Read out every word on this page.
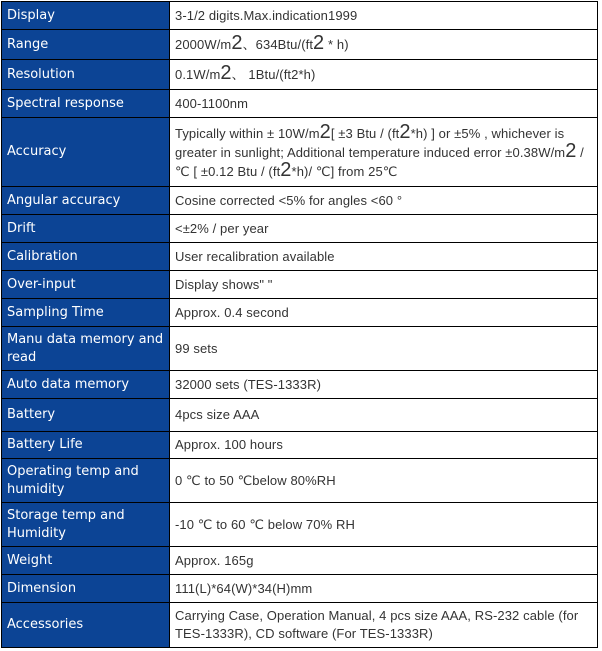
Display	3-1/2 digits.Max.indication1999
Range	2000W/m2、634Btu/(ft2 * h)
Resolution	0.1W/m2、 1Btu/(ft2*h)
Spectral response	400-1100nm
Accuracy	Typically within ± 10W/m2[ ±3 Btu / (ft2*h) ] or ±5% , whichever is greater in sunlight; Additional temperature induced error ±0.38W/m2 / ℃ [ ±0.12 Btu / (ft2*h)/ ℃] from 25℃
Angular accuracy	Cosine corrected <5% for angles <60 °
Drift	<±2% / per year
Calibration	User recalibration available
Over-input	Display shows" "
Sampling Time	Approx. 0.4 second
Manu data memory and read	99 sets
Auto data memory	32000 sets (TES-1333R)
Battery	4pcs size AAA
Battery Life	Approx. 100 hours
Operating temp and humidity	0 ℃ to 50 ℃below 80%RH
Storage temp and Humidity	-10 ℃ to 60 ℃ below 70% RH
Weight	Approx. 165g
Dimension	111(L)*64(W)*34(H)mm
Accessories	Carrying Case, Operation Manual, 4 pcs size AAA, RS-232 cable (for TES-1333R), CD software (For TES-1333R)
